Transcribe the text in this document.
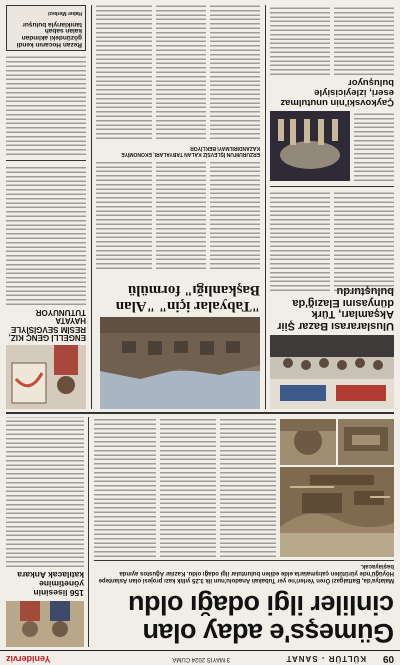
09
KÜLTÜR - SANAT
3 MAYIS 2024 CUMA
Yeniderviz
Gümeşs'e aday olan cinliler ilgi odağı oldu
Malatya'da, Battalgazi Ören Yerleri'ne yer Tubakalı Anadolu'nun ilk 3.25 yıllık kazı projesi olan Aslantepe Höyüğü'nde yürütülen çalışmalarla elde edilen buluntular ilgi odağı oldu. Kazılar Ağustos ayında başlayacak.
156 lisesinin yönetimine katılacak Ankara
Uluslararası Bazar Şiir Akşamları, Türk dünyasını Elazığ'da buluşturdu
Çaykovski'nin unutulmaz eseri, izleyicisiyle buluşuyor
"Tabyalar için" "Alan Başkanlığı" formülü
ERZURUM'UN İŞLEVSİZ KALAN TABYALARI, EKONOMİYE KAZANDIRILMAYI BEKLİYOR
ENGELLİ GENÇ KIZ, RESİM SEVGİSİYLE HAYATA TUTUNUYOR
Rezan Hocanın kendi gözündeki aklından kalan sabah tanıklarıyla buluşur
Haber Merkezi
